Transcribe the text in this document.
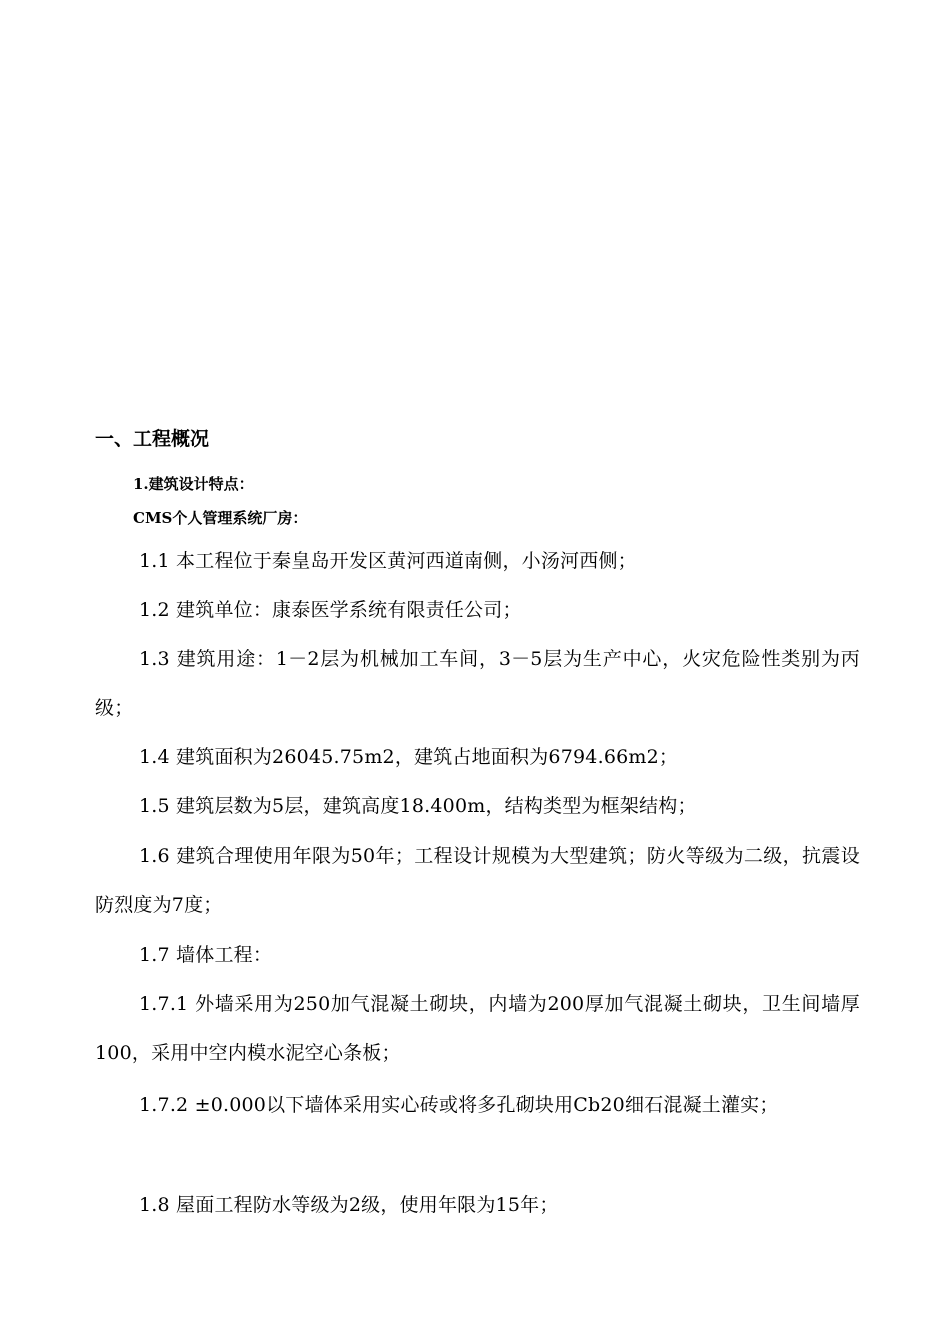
一、工程概况
1.建筑设计特点：
CMS个人管理系统厂房：
1.1 本工程位于秦皇岛开发区黄河西道南侧，小汤河西侧；
1.2 建筑单位：康泰医学系统有限责任公司；
1.3 建筑用途：1－2层为机械加工车间，3－5层为生产中心，火灾危险性类别为丙级；
1.4 建筑面积为26045.75m2，建筑占地面积为6794.66m2；
1.5 建筑层数为5层，建筑高度18.400m，结构类型为框架结构；
1.6 建筑合理使用年限为50年；工程设计规模为大型建筑；防火等级为二级，抗震设防烈度为7度；
1.7 墙体工程：
1.7.1 外墙采用为250加气混凝土砌块，内墙为200厚加气混凝土砌块，卫生间墙厚100，采用中空内模水泥空心条板；
1.7.2 ±0.000以下墙体采用实心砖或将多孔砌块用Cb20细石混凝土灌实；
1.8 屋面工程防水等级为2级，使用年限为15年；
